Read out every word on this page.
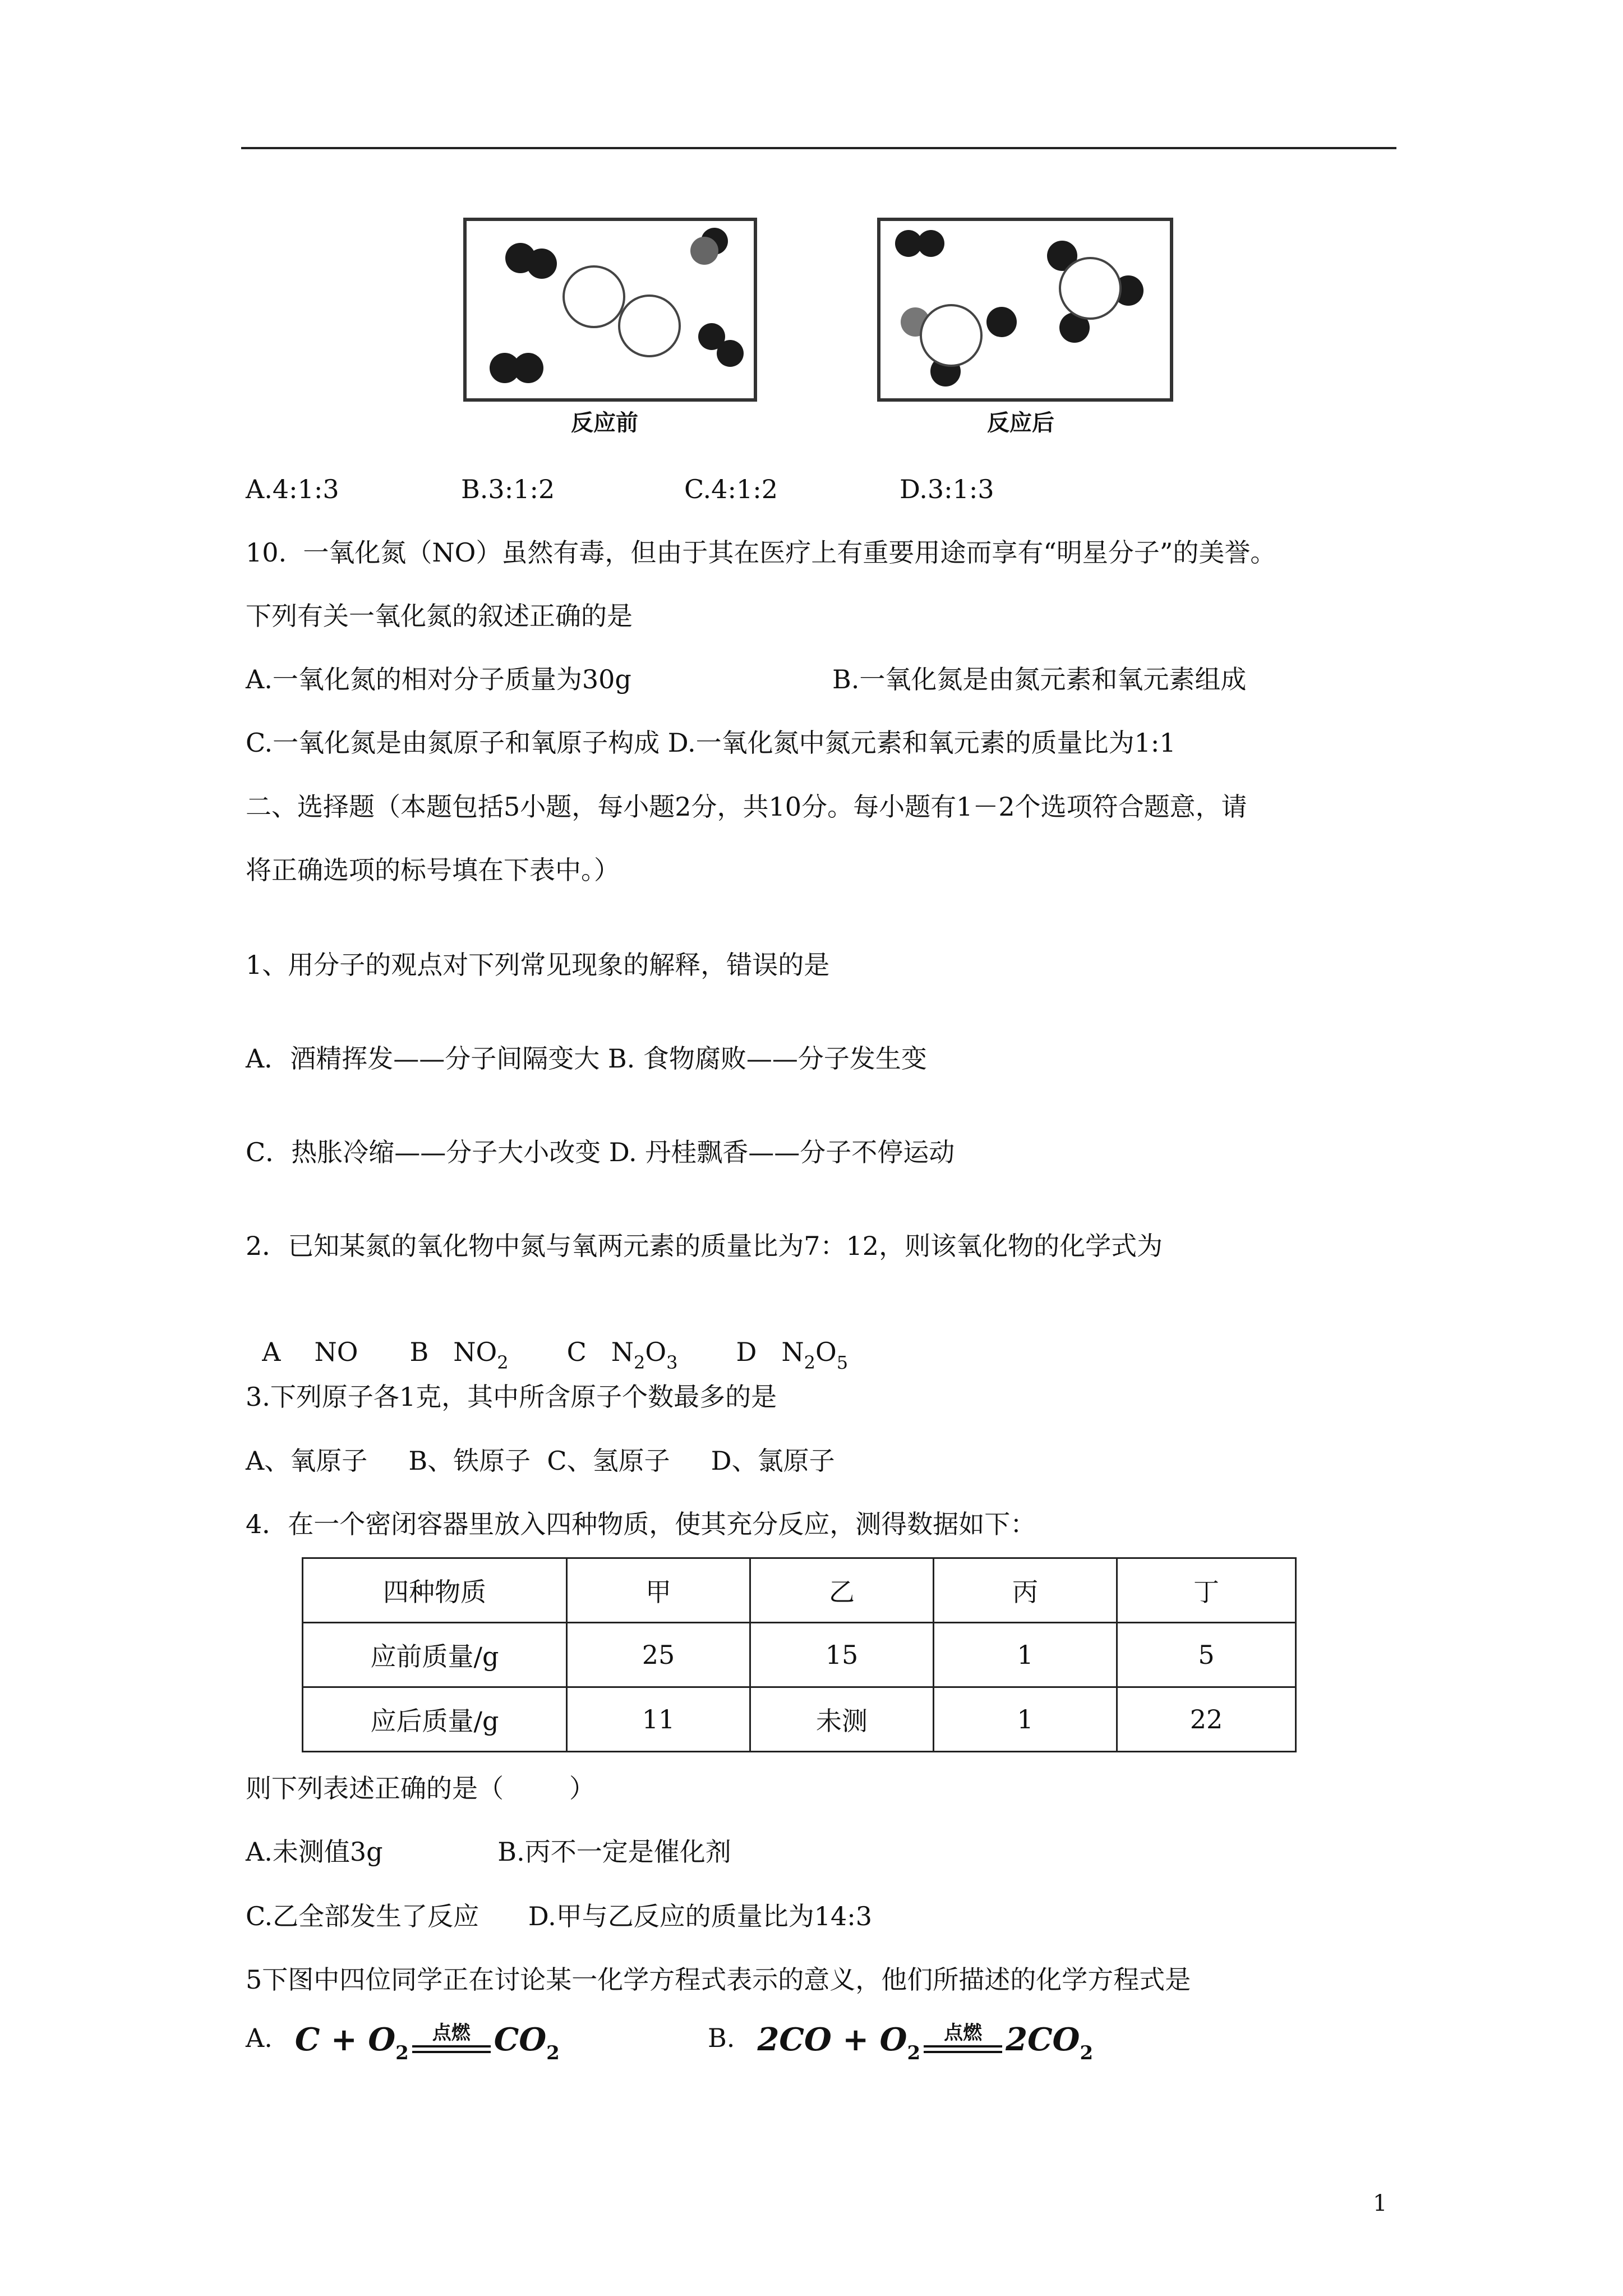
反应前	反应后
A.4:1:3	B.3:1:2	C.4:1:2	D.3:1:3
10.  一氧化氮（NO）虽然有毒，但由于其在医疗上有重要用途而享有“明星分子”的美誉。
下列有关一氧化氮的叙述正确的是
A.一氧化氮的相对分子质量为30g	B.一氧化氮是由氮元素和氧元素组成
C.一氧化氮是由氮原子和氧原子构成 D.一氧化氮中氮元素和氧元素的质量比为1:1
二、选择题（本题包括5小题，每小题2分，共10分。每小题有1－2个选项符合题意，请
将正确选项的标号填在下表中。）
1、用分子的观点对下列常见现象的解释，错误的是
A．酒精挥发——分子间隔变大 B. 食物腐败——分子发生变
C．热胀冷缩——分子大小改变 D. 丹桂飘香——分子不停运动
2．已知某氮的氧化物中氮与氧两元素的质量比为7：12，则该氧化物的化学式为

A NO B $NO_2$ C $N_2O_3$ D $N_2O_5$

3.下列原子各1克，其中所含原子个数最多的是
A、氧原子     B、铁原子  C、氢原子     D、氯原子
4．在一个密闭容器里放入四种物质，使其充分反应，测得数据如下：
四种物质	甲	乙	丙	丁
应前质量/g	25	15	1	5
应后质量/g	11	未测	1	22
则下列表述正确的是（        ）
A.未测值3g              B.丙不一定是催化剂
C.乙全部发生了反应      D.甲与乙反应的质量比为14:3
5下图中四位同学正在讨论某一化学方程式表示的意义，他们所描述的化学方程式是
A. $C + O_2$
点燃 $CO_2$	B. $2CO + O_2$
点燃 $2CO_2$
1
